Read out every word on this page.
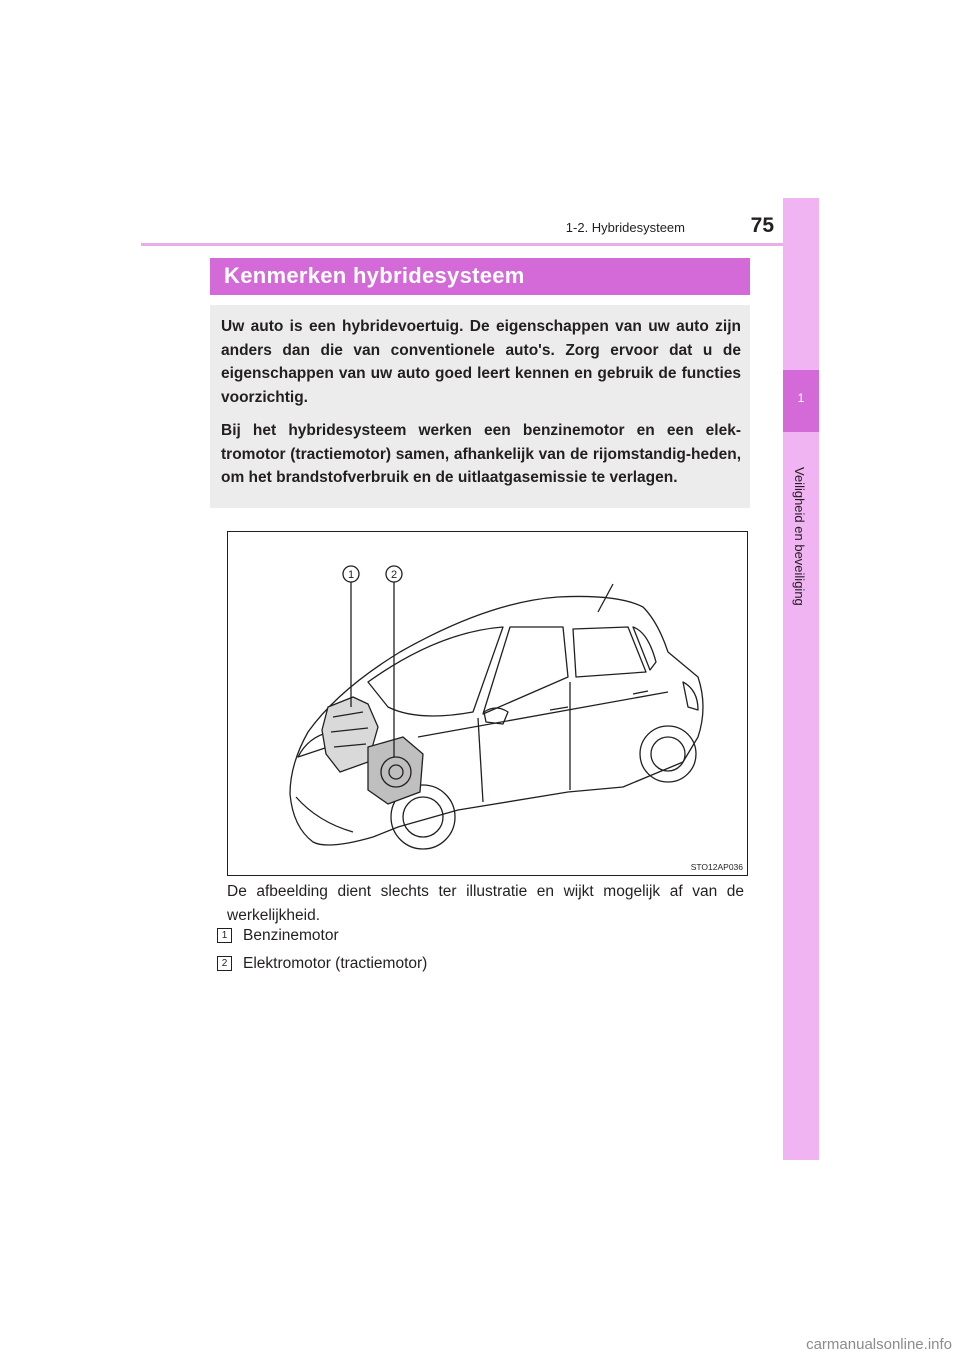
1-2. Hybridesysteem	75
1
Veiligheid en beveiliging
Kenmerken hybridesysteem

Uw auto is een hybridevoertuig. De eigenschappen van uw auto zijn anders dan die van conventionele auto's. Zorg ervoor dat u de eigenschappen van uw auto goed leert kennen en gebruik de functies voorzichtig.

Bij het hybridesysteem werken een benzinemotor en een elek-tromotor (tractiemotor) samen, afhankelijk van de rijomstandig-heden, om het brandstofverbruik en de uitlaatgasemissie te verlagen.

1	2
STO12AP036

De afbeelding dient slechts ter illustratie en wijkt mogelijk af van de werkelijkheid.

1	Benzinemotor
2	Elektromotor (tractiemotor)
carmanualsonline.info
